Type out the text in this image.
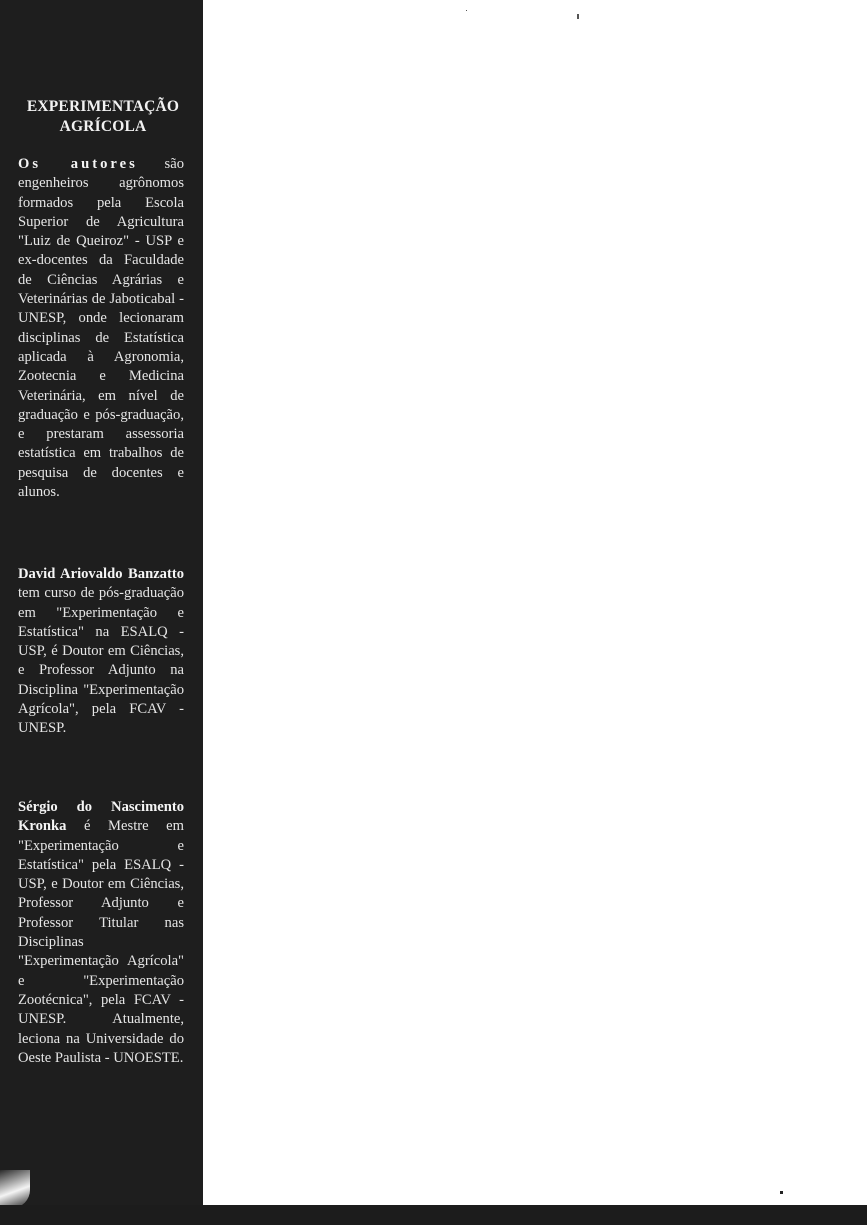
EXPERIMENTAÇÃO
AGRÍCOLA
Os autores são engenheiros agrônomos formados pela Escola Superior de Agricultura "Luiz de Queiroz" - USP e ex-docentes da Faculdade de Ciências Agrárias e Veterinárias de Jaboticabal - UNESP, onde lecionaram disciplinas de Estatística aplicada à Agronomia, Zootecnia e Medicina Veterinária, em nível de graduação e pós-graduação, e prestaram assessoria estatística em trabalhos de pesquisa de docentes e alunos.
David Ariovaldo Banzatto tem curso de pós-graduação em "Experimentação e Estatística" na ESALQ - USP, é Doutor em Ciências, e Professor Adjunto na Disciplina "Experimentação Agrícola", pela FCAV - UNESP.
Sérgio do Nascimento Kronka é Mestre em "Experimentação e Estatística" pela ESALQ - USP, e Doutor em Ciências, Professor Adjunto e Professor Titular nas Disciplinas "Experimentação Agrícola" e "Experimentação Zootécnica", pela FCAV - UNESP. Atualmente, leciona na Universidade do Oeste Paulista - UNOESTE.
